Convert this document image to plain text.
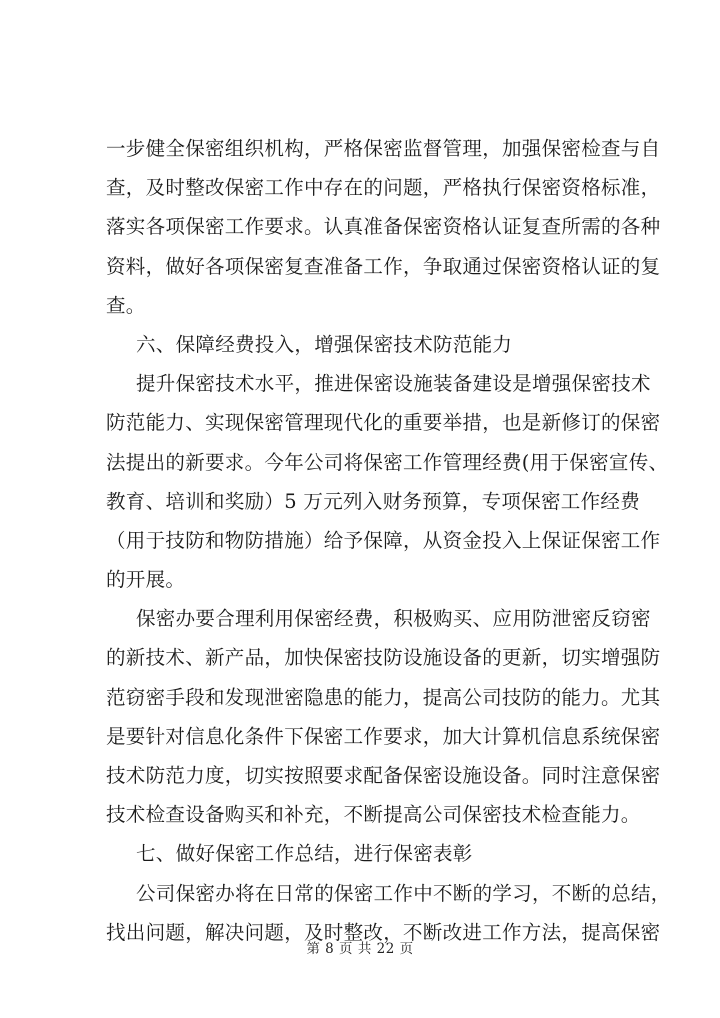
一步健全保密组织机构，严格保密监督管理，加强保密检查与自
查，及时整改保密工作中存在的问题，严格执行保密资格标准，
落实各项保密工作要求。认真准备保密资格认证复查所需的各种
资料，做好各项保密复查准备工作，争取通过保密资格认证的复
查。
六、保障经费投入，增强保密技术防范能力
提升保密技术水平，推进保密设施装备建设是增强保密技术
防范能力、实现保密管理现代化的重要举措，也是新修订的保密
法提出的新要求。今年公司将保密工作管理经费(用于保密宣传、
教育、培训和奖励）5 万元列入财务预算，专项保密工作经费
（用于技防和物防措施）给予保障，从资金投入上保证保密工作
的开展。
保密办要合理利用保密经费，积极购买、应用防泄密反窃密
的新技术、新产品，加快保密技防设施设备的更新，切实增强防
范窃密手段和发现泄密隐患的能力，提高公司技防的能力。尤其
是要针对信息化条件下保密工作要求，加大计算机信息系统保密
技术防范力度，切实按照要求配备保密设施设备。同时注意保密
技术检查设备购买和补充，不断提高公司保密技术检查能力。
七、做好保密工作总结，进行保密表彰
公司保密办将在日常的保密工作中不断的学习，不断的总结，
找出问题，解决问题，及时整改，不断改进工作方法，提高保密
第 8 页 共 22 页
